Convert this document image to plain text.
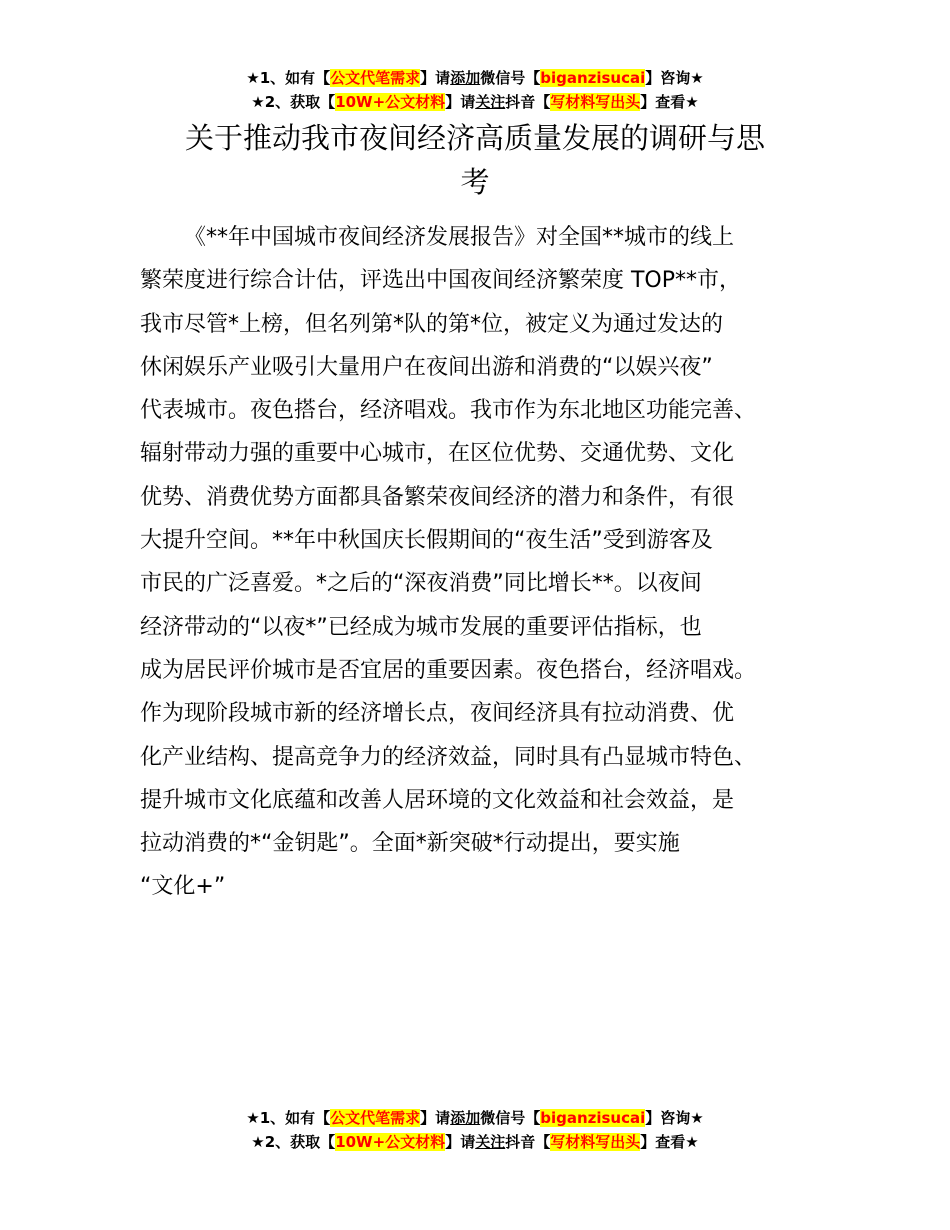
★1、如有【公文代笔需求】请添加微信号【biganzisucai】咨询★
★2、获取【10W+公文材料】请关注抖音【写材料写出头】查看★
关于推动我市夜间经济高质量发展的调研与思
考
《**年中国城市夜间经济发展报告》对全国**城市的线上
繁荣度进行综合计估，评选出中国夜间经济繁荣度 TOP**市，
我市尽管*上榜，但名列第*队的第*位，被定义为通过发达的
休闲娱乐产业吸引大量用户在夜间出游和消费的“以娱兴夜”
代表城市。夜色搭台，经济唱戏。我市作为东北地区功能完善、
辐射带动力强的重要中心城市，在区位优势、交通优势、文化
优势、消费优势方面都具备繁荣夜间经济的潜力和条件，有很
大提升空间。**年中秋国庆长假期间的“夜生活”受到游客及
市民的广泛喜爱。*之后的“深夜消费”同比增长**。以夜间
经济带动的“以夜*”已经成为城市发展的重要评估指标，也
成为居民评价城市是否宜居的重要因素。夜色搭台，经济唱戏。
作为现阶段城市新的经济增长点，夜间经济具有拉动消费、优
化产业结构、提高竞争力的经济效益，同时具有凸显城市特色、
提升城市文化底蕴和改善人居环境的文化效益和社会效益，是
拉动消费的*“金钥匙”。全面*新突破*行动提出，要实施
“文化+”
★1、如有【公文代笔需求】请添加微信号【biganzisucai】咨询★
★2、获取【10W+公文材料】请关注抖音【写材料写出头】查看★
